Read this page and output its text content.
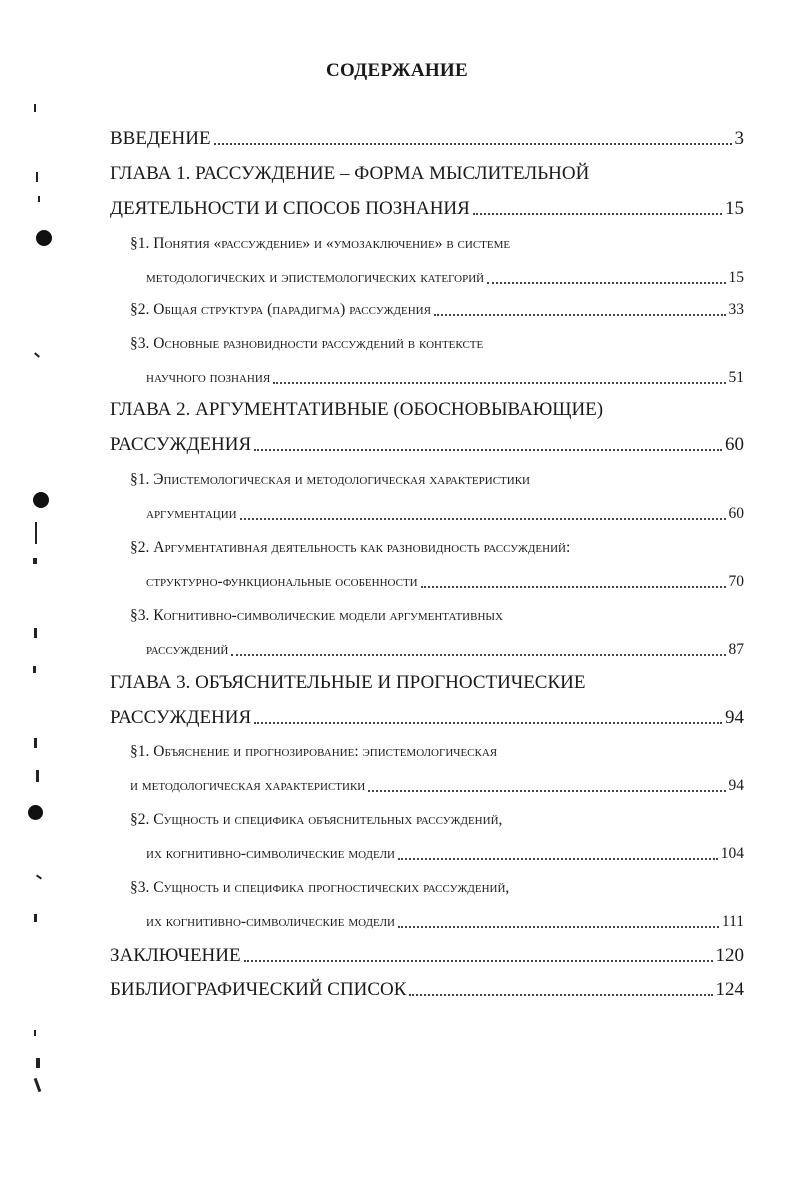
СОДЕРЖАНИЕ
ВВЕДЕНИЕ	3
ГЛАВА 1. РАССУЖДЕНИЕ – ФОРМА МЫСЛИТЕЛЬНОЙ
ДЕЯТЕЛЬНОСТИ И СПОСОБ ПОЗНАНИЯ	15
§1. Понятия «рассуждение» и «умозаключение» в системе
методологических и эпистемологических категорий	15
§2. Общая структура (парадигма) рассуждения	33
§3. Основные разновидности рассуждений в контексте
научного познания	51
ГЛАВА 2. АРГУМЕНТАТИВНЫЕ (ОБОСНОВЫВАЮЩИЕ)
РАССУЖДЕНИЯ	60
§1. Эпистемологическая и методологическая характеристики
аргументации	60
§2. Аргументативная деятельность как разновидность рассуждений:
структурно-функциональные особенности	70
§3. Когнитивно-символические модели аргументативных
рассуждений	87
ГЛАВА 3. ОБЪЯСНИТЕЛЬНЫЕ И ПРОГНОСТИЧЕСКИЕ
РАССУЖДЕНИЯ	94
§1. Объяснение и прогнозирование: эпистемологическая
и методологическая характеристики	94
§2. Сущность и специфика объяснительных рассуждений,
их когнитивно-символические модели	104
§3. Сущность и специфика прогностических рассуждений,
их когнитивно-символические модели	111
ЗАКЛЮЧЕНИЕ	120
БИБЛИОГРАФИЧЕСКИЙ СПИСОК	124
